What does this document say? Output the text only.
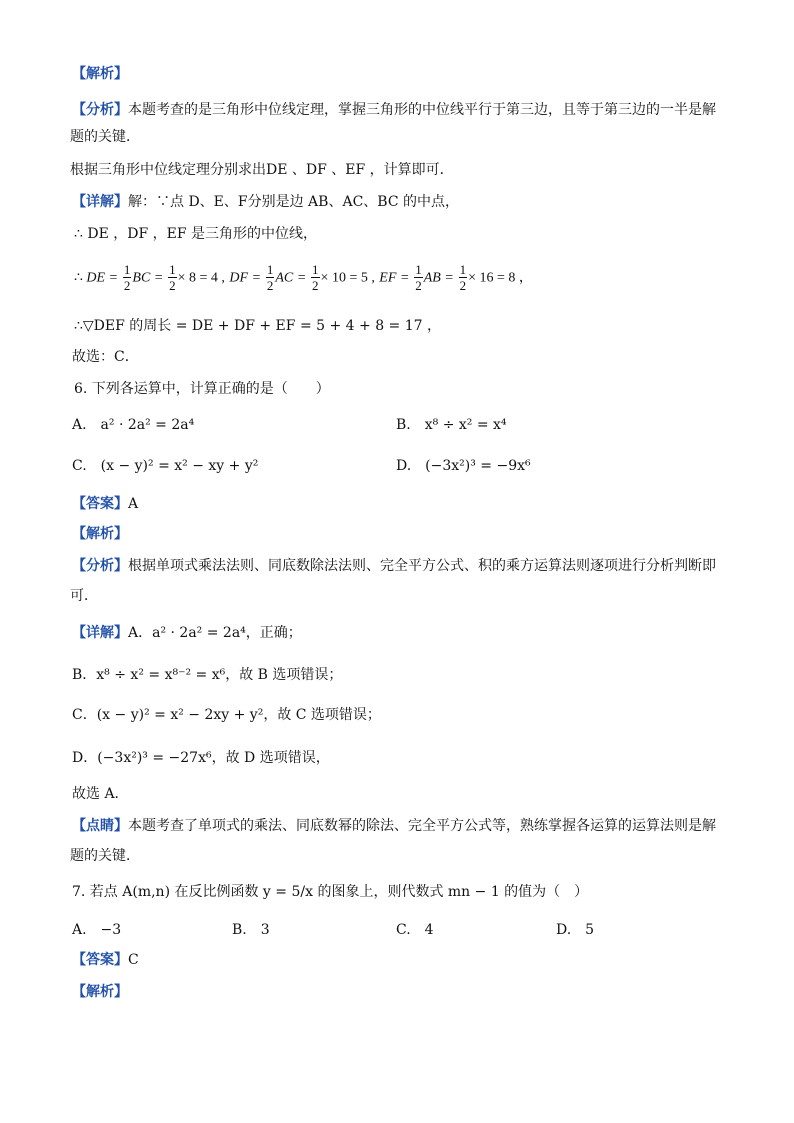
【解析】
【分析】本题考查的是三角形中位线定理，掌握三角形的中位线平行于第三边，且等于第三边的一半是解
题的关键．
根据三角形中位线定理分别求出DE 、DF 、EF ，计算即可．
【详解】解：∵点 D、E、F分别是边 AB、AC、BC 的中点，
∴ DE ，DF ，EF 是三角形的中位线，
∴ DE = $\frac{1}{2}$ BC = $\frac{1}{2} \times 8 = 4$ , DF = $\frac{1}{2}$ AC = $\frac{1}{2} \times 10 = 5$ , EF = $\frac{1}{2}$ AB = $\frac{1}{2} \times 16 = 8$ ，
∴▽DEF 的周长 = DE + DF + EF = 5 + 4 + 8 = 17 ，
故选：C．
6. 下列各运算中，计算正确的是（　　）
A.　a² · 2a² = 2a⁴	B.　x⁸ ÷ x² = x⁴
C.　(x − y)² = x² − xy + y²	D.　(−3x²)³ = −9x⁶
【答案】A
【解析】
【分析】根据单项式乘法法则、同底数除法法则、完全平方公式、积的乘方运算法则逐项进行分析判断即
可．
【详解】A．a² · 2a² = 2a⁴，正确；
B．x⁸ ÷ x² = x⁸⁻² = x⁶，故 B 选项错误；
C．(x − y)² = x² − 2xy + y²，故 C 选项错误；
D．(−3x²)³ = −27x⁶，故 D 选项错误，
故选 A．
【点睛】本题考查了单项式的乘法、同底数幂的除法、完全平方公式等，熟练掌握各运算的运算法则是解
题的关键．
7. 若点 A(m,n) 在反比例函数 y = 5/x 的图象上，则代数式 mn − 1 的值为（　）
A.　−3	B.　3	C.　4	D.　5
【答案】C
【解析】
